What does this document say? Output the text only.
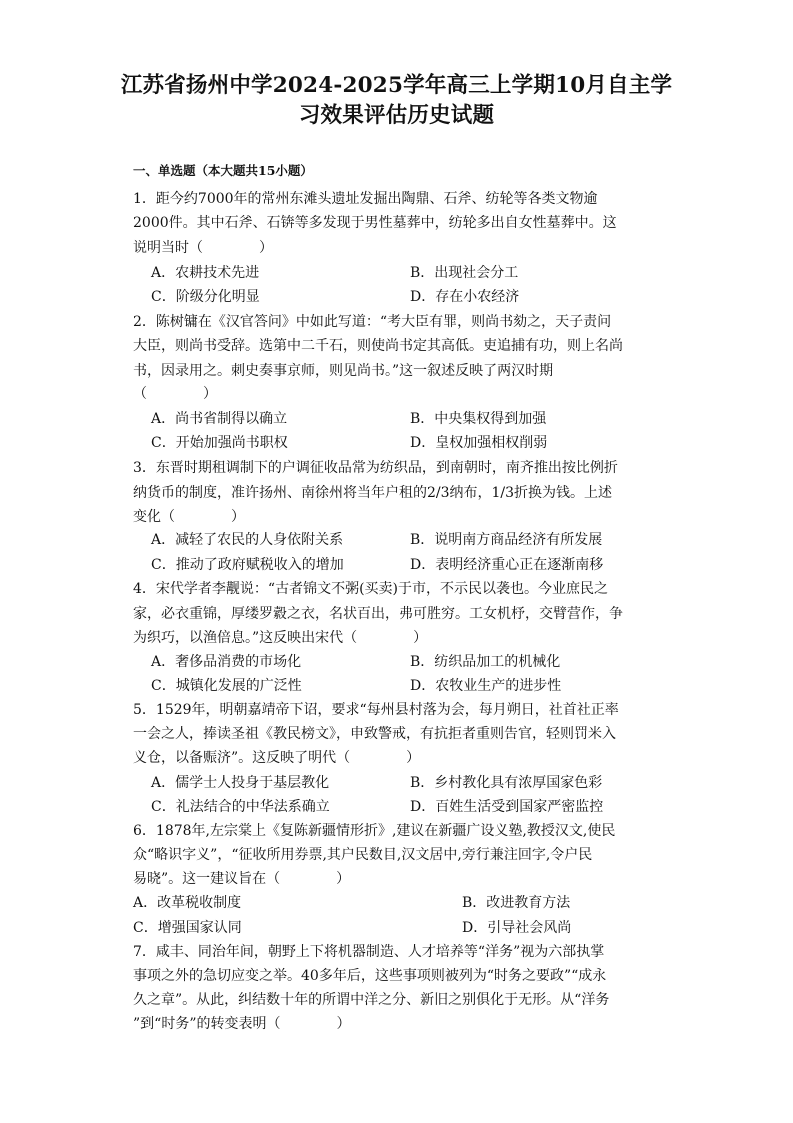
江苏省扬州中学2024-2025学年高三上学期10月自主学
习效果评估历史试题
一、单选题（本大题共15小题）
1．距今约7000年的常州东滩头遗址发掘出陶鼎、石斧、纺轮等各类文物逾
2000件。其中石斧、石锛等多发现于男性墓葬中，纺轮多出自女性墓葬中。这
说明当时（　　　　）
A．农耕技术先进	B．出现社会分工
C．阶级分化明显	D．存在小农经济
2．陈树镛在《汉官答问》中如此写道：“考大臣有罪，则尚书劾之，天子责问
大臣，则尚书受辞。选第中二千石，则使尚书定其高低。吏追捕有功，则上名尚
书，因录用之。刺史奏事京师，则见尚书。”这一叙述反映了两汉时期
（　　　　）
A．尚书省制得以确立	B．中央集权得到加强
C．开始加强尚书职权	D．皇权加强相权削弱
3．东晋时期租调制下的户调征收品常为纺织品，到南朝时，南齐推出按比例折
纳货币的制度，准许扬州、南徐州将当年户租的2/3纳布，1/3折换为钱。上述
变化（　　　　）
A．减轻了农民的人身依附关系	B．说明南方商品经济有所发展
C．推动了政府赋税收入的增加	D．表明经济重心正在逐渐南移
4．宋代学者李觏说：“古者锦文不粥(买卖)于市，不示民以袭也。今业庶民之
家，必衣重锦，厚缕罗縠之衣，名状百出，弗可胜穷。工女机杼，交臂营作，争
为织巧，以渔倍息。”这反映出宋代（　　　　）
A．奢侈品消费的市场化	B．纺织品加工的机械化
C．城镇化发展的广泛性	D．农牧业生产的进步性
5．1529年，明朝嘉靖帝下诏，要求“每州县村落为会，每月朔日，社首社正率
一会之人，捧读圣祖《教民榜文》，申致警戒，有抗拒者重则告官，轻则罚米入
义仓，以备赈济”。这反映了明代（　　　　）
A．儒学士人投身于基层教化	B．乡村教化具有浓厚国家色彩
C．礼法结合的中华法系确立	D．百姓生活受到国家严密监控
6．1878年,左宗棠上《复陈新疆情形折》,建议在新疆广设义塾,教授汉文,使民
众“略识字义”，“征收所用券票,其户民数目,汉文居中,旁行兼注回字,令户民
易晓”。这一建议旨在（　　　　）
A．改革税收制度	B．改进教育方法
C．增强国家认同	D．引导社会风尚
7．咸丰、同治年间，朝野上下将机器制造、人才培养等“洋务”视为六部执掌
事项之外的急切应变之举。40多年后，这些事项则被列为“时务之要政”“成永
久之章”。从此，纠结数十年的所谓中洋之分、新旧之别俱化于无形。从“洋务
”到“时务”的转变表明（　　　　）
